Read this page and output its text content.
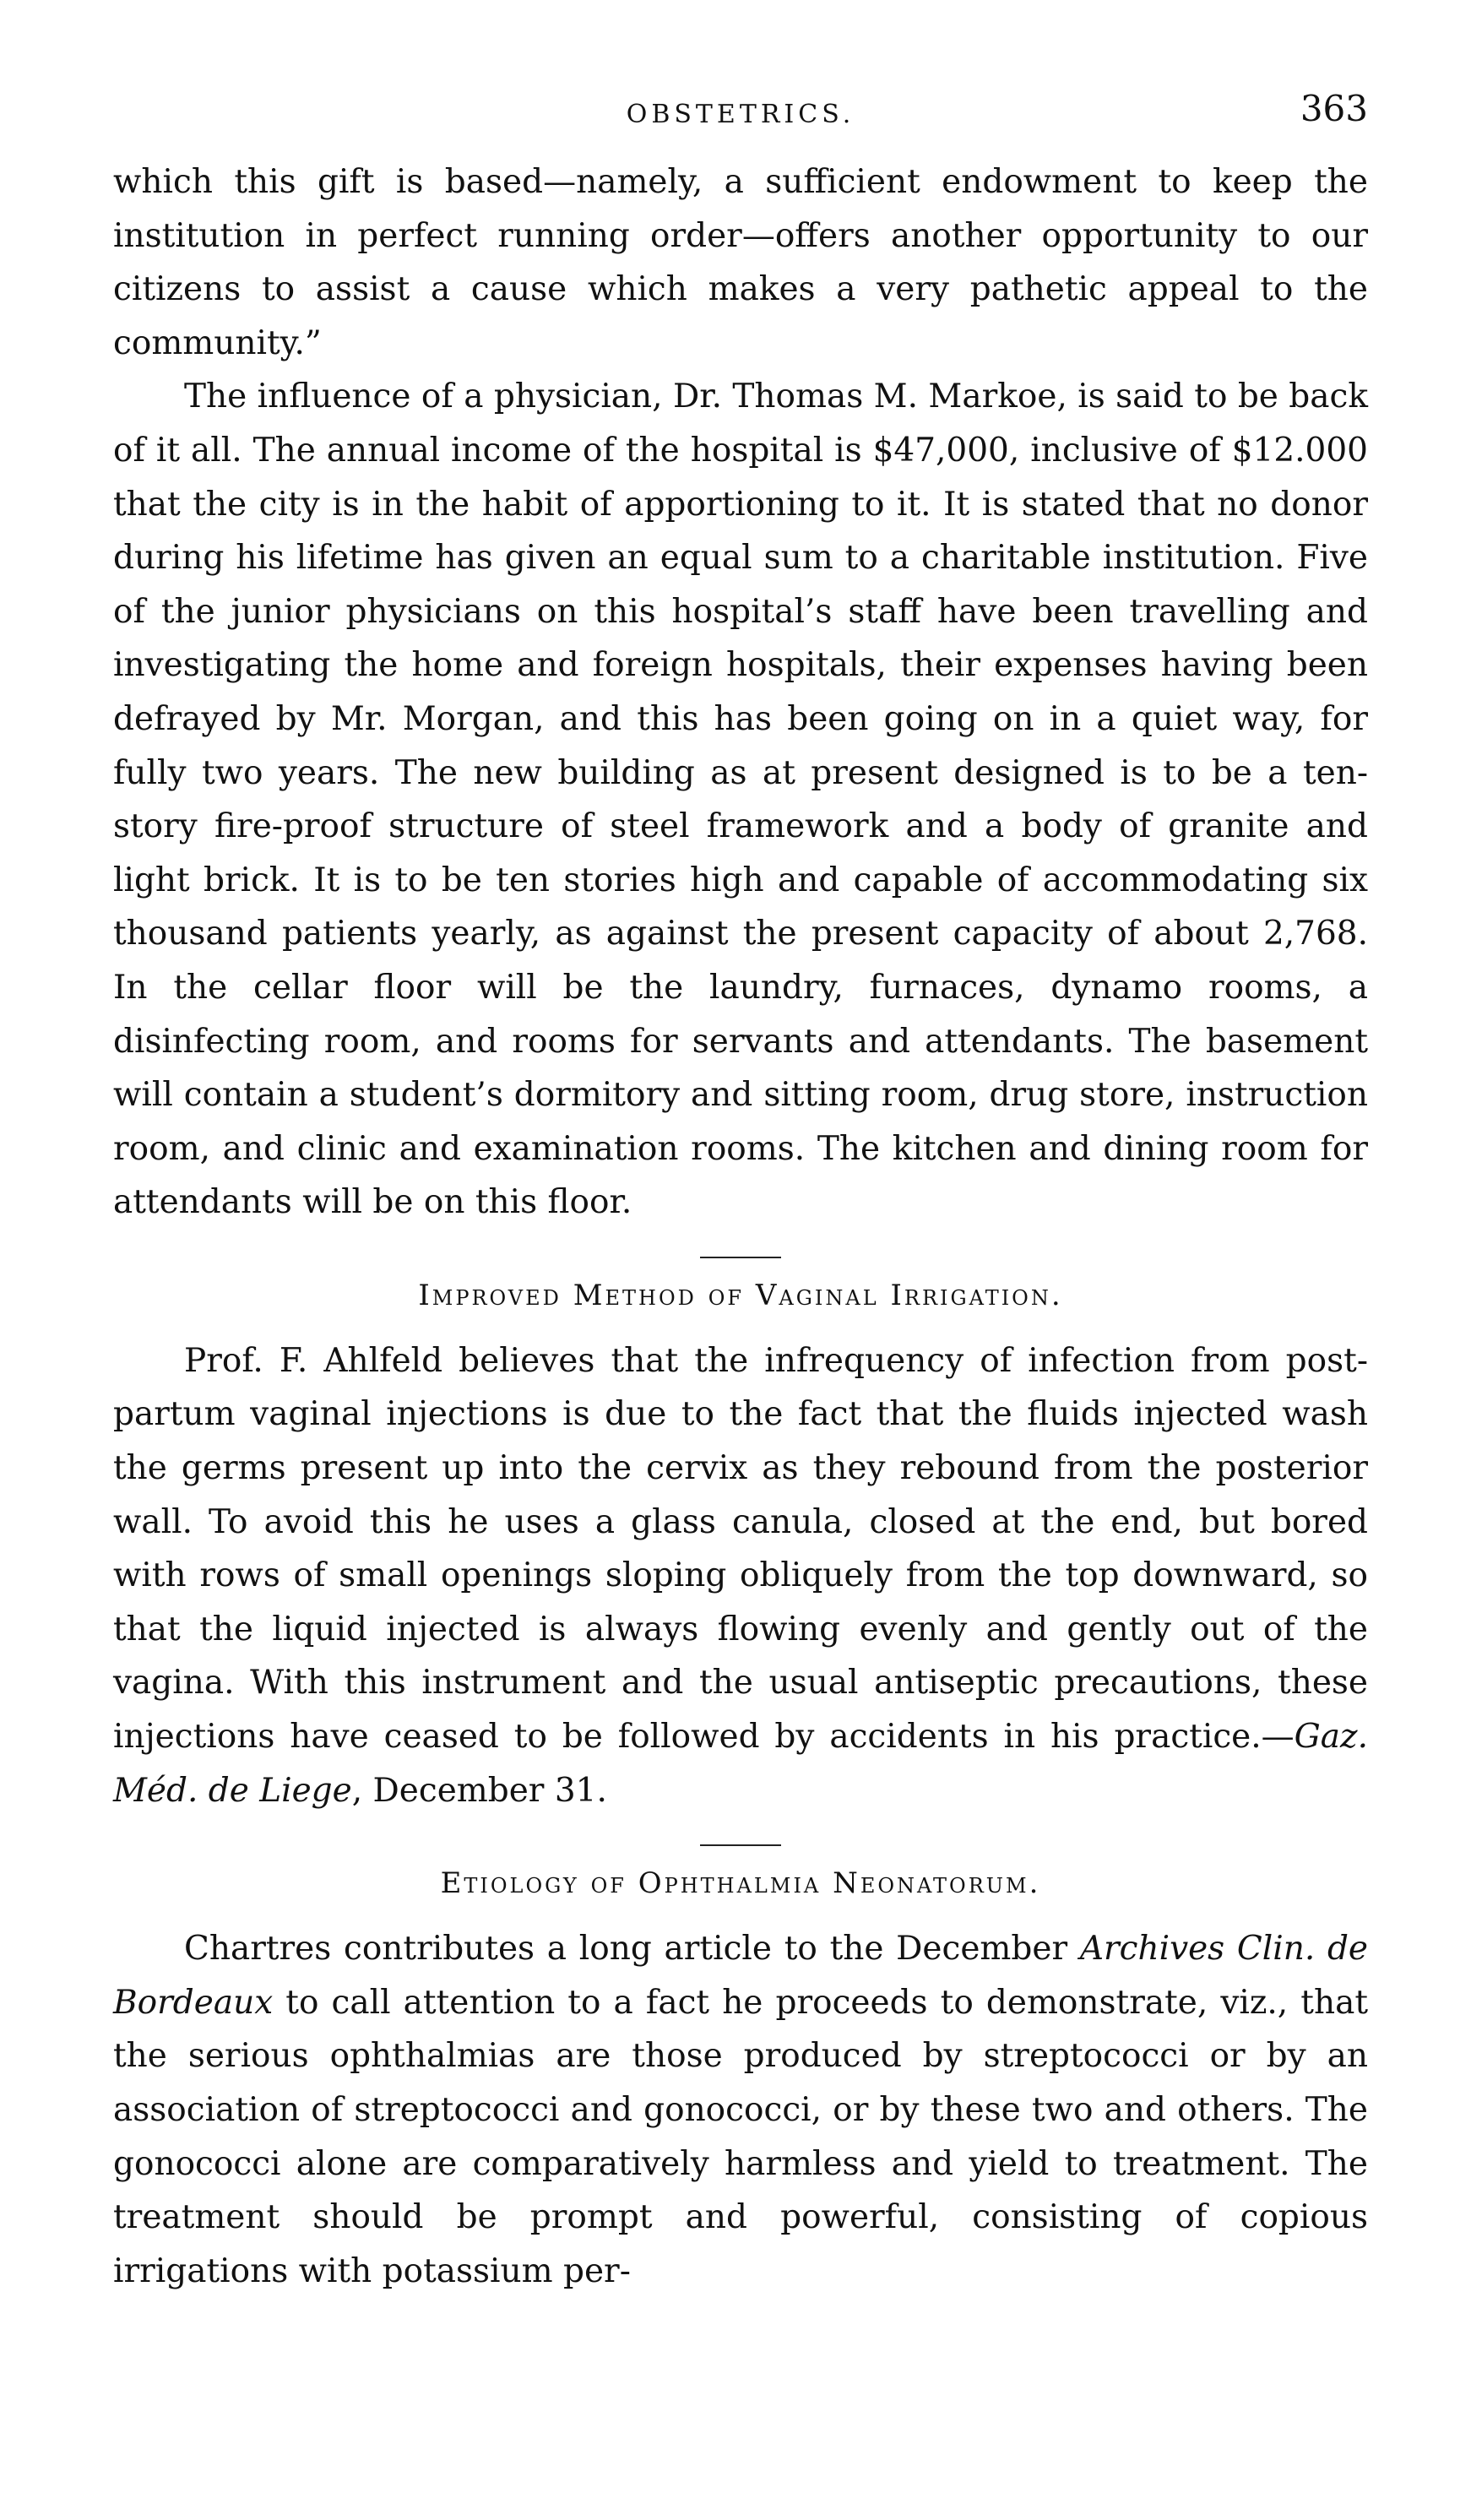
OBSTETRICS.	363

which this gift is based—namely, a sufficient endowment to keep the institution in perfect running order—offers another opportunity to our citizens to assist a cause which makes a very pathetic appeal to the community.”

The influence of a physician, Dr. Thomas M. Markoe, is said to be back of it all. The annual income of the hospital is $47,000, inclusive of $12.000 that the city is in the habit of apportioning to it. It is stated that no donor during his lifetime has given an equal sum to a charitable institution. Five of the junior physicians on this hospital’s staff have been travelling and investigating the home and foreign hospitals, their expenses having been defrayed by Mr. Morgan, and this has been going on in a quiet way, for fully two years. The new building as at present designed is to be a ten-story fire-proof structure of steel framework and a body of granite and light brick. It is to be ten stories high and capable of accommodating six thousand patients yearly, as against the present capacity of about 2,768. In the cellar floor will be the laundry, furnaces, dynamo rooms, a disinfecting room, and rooms for servants and attendants. The basement will contain a student’s dormitory and sitting room, drug store, instruction room, and clinic and examination rooms. The kitchen and dining room for attendants will be on this floor.

Improved Method of Vaginal Irrigation.

Prof. F. Ahlfeld believes that the infrequency of infection from post-partum vaginal injections is due to the fact that the fluids injected wash the germs present up into the cervix as they rebound from the posterior wall. To avoid this he uses a glass canula, closed at the end, but bored with rows of small openings sloping obliquely from the top downward, so that the liquid injected is always flowing evenly and gently out of the vagina. With this instrument and the usual antiseptic precautions, these injections have ceased to be followed by accidents in his practice.—Gaz. Méd. de Liege, December 31.

Etiology of Ophthalmia Neonatorum.

Chartres contributes a long article to the December Archives Clin. de Bordeaux to call attention to a fact he proceeds to demonstrate, viz., that the serious ophthalmias are those produced by streptococci or by an association of streptococci and gonococci, or by these two and others. The gonococci alone are comparatively harmless and yield to treatment. The treatment should be prompt and powerful, consisting of copious irrigations with potassium per-
